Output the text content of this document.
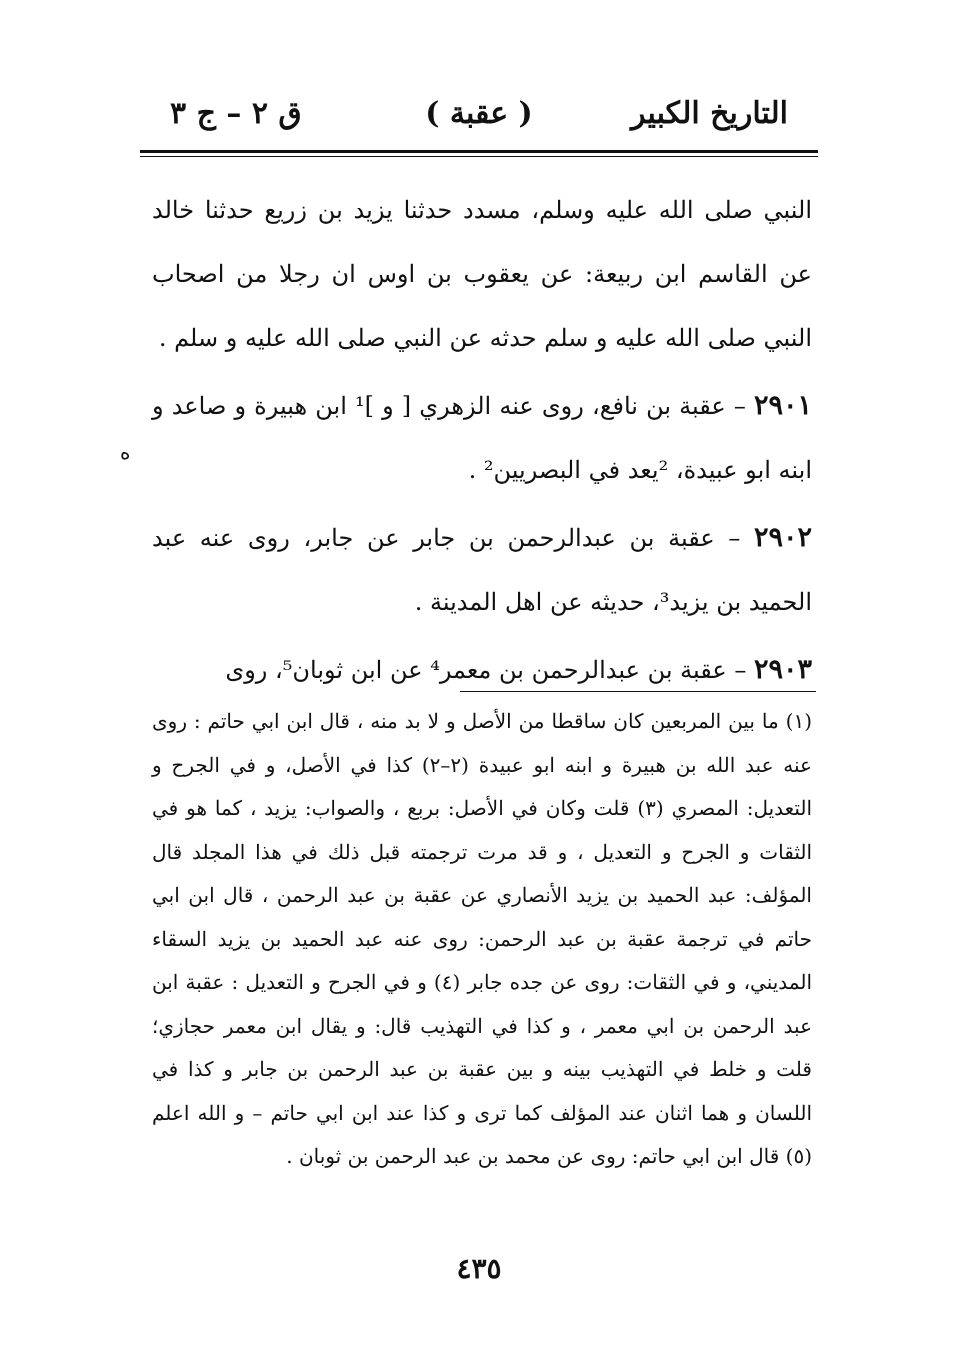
التاريخ الكبير
( عقبة )
ق ٢ – ج ٣

النبي صلى الله عليه وسلم، مسدد حدثنا يزيد بن زريع حدثنا خالد عن القاسم ابن ربيعة: عن يعقوب بن اوس ان رجلا من اصحاب النبي صلى الله عليه و سلم حدثه عن النبي صلى الله عليه و سلم .

٢٩٠١ – عقبة بن نافع، روى عنه الزهري [ و ]¹ ابن هبيرة و صاعد و ابنه ابو عبيدة، ²يعد في البصريين² .

٢٩٠٢ – عقبة بن عبدالرحمن بن جابر عن جابر، روى عنه عبد الحميد بن يزيد³، حديثه عن اهل المدينة .

٢٩٠٣ – عقبة بن عبدالرحمن بن معمر⁴ عن ابن ثوبان⁵، روى

ه

(١) ما بين المربعين كان ساقطا من الأصل و لا بد منه ، قال ابن ابي حاتم : روى عنه عبد الله بن هبيرة و ابنه ابو عبيدة (٢–٢) كذا في الأصل، و في الجرح و التعديل: المصري (٣) قلت وكان في الأصل: بربع ، والصواب: يزيد ، كما هو في الثقات و الجرح و التعديل ، و قد مرت ترجمته قبل ذلك في هذا المجلد قال المؤلف: عبد الحميد بن يزيد الأنصاري عن عقبة بن عبد الرحمن ، قال ابن ابي حاتم في ترجمة عقبة بن عبد الرحمن: روى عنه عبد الحميد بن يزيد السقاء المديني، و في الثقات: روى عن جده جابر (٤) و في الجرح و التعديل : عقبة ابن عبد الرحمن بن ابي معمر ، و كذا في التهذيب قال: و يقال ابن معمر حجازي؛ قلت و خلط في التهذيب بينه و بين عقبة بن عبد الرحمن بن جابر و كذا في اللسان و هما اثنان عند المؤلف كما ترى و كذا عند ابن ابي حاتم – و الله اعلم (٥) قال ابن ابي حاتم: روى عن محمد بن عبد الرحمن بن ثوبان .

٤٣٥
